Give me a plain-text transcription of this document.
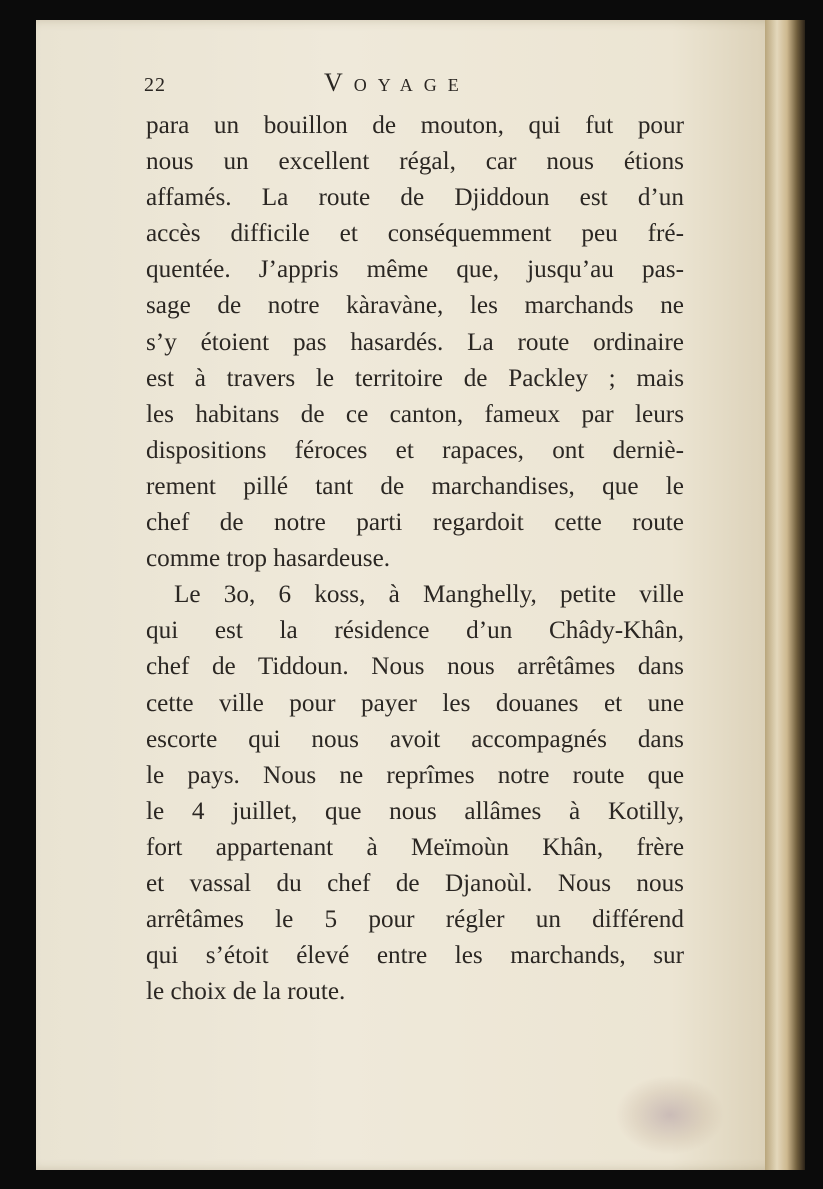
22	Voyage
para un bouillon de mouton, qui fut pour
nous un excellent régal, car nous étions
affamés. La route de Djiddoun est d’un
accès difficile et conséquemment peu fré-
quentée. J’appris même que, jusqu’au pas-
sage de notre kàravàne, les marchands ne
s’y étoient pas hasardés. La route ordinaire
est à travers le territoire de Packley ; mais
les habitans de ce canton, fameux par leurs
dispositions féroces et rapaces, ont derniè-
rement pillé tant de marchandises, que le
chef de notre parti regardoit cette route
comme trop hasardeuse.
Le 3o, 6 koss, à Manghelly, petite ville
qui est la résidence d’un Châdy-Khân,
chef de Tiddoun. Nous nous arrêtâmes dans
cette ville pour payer les douanes et une
escorte qui nous avoit accompagnés dans
le pays. Nous ne reprîmes notre route que
le 4 juillet, que nous allâmes à Kotilly,
fort appartenant à Meïmoùn Khân, frère
et vassal du chef de Djanoùl. Nous nous
arrêtâmes le 5 pour régler un différend
qui s’étoit élevé entre les marchands, sur
le choix de la route.
